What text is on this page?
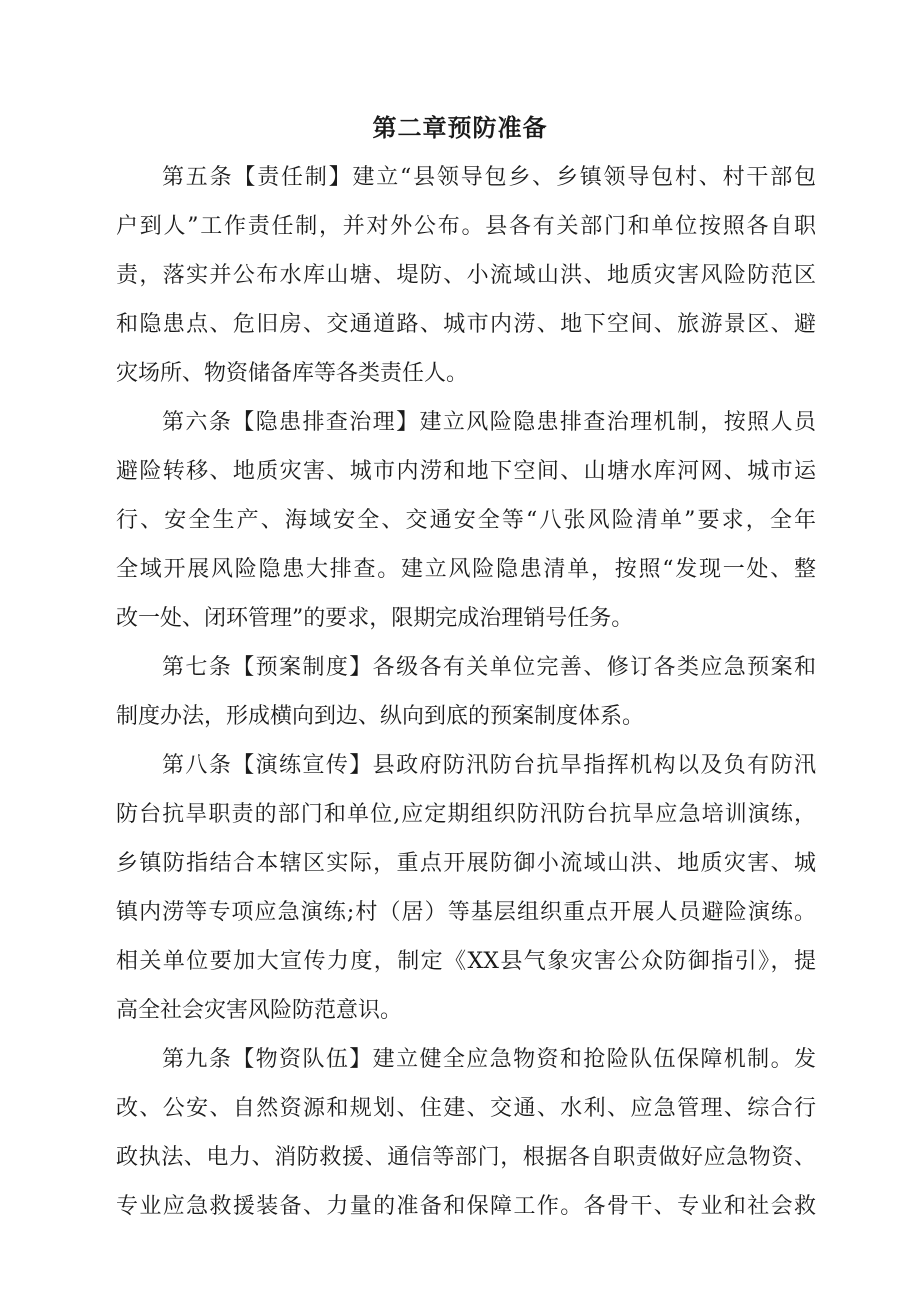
第二章预防准备
第五条【责任制】建立“县领导包乡、乡镇领导包村、村干部包
户到人”工作责任制，并对外公布。县各有关部门和单位按照各自职
责，落实并公布水库山塘、堤防、小流域山洪、地质灾害风险防范区
和隐患点、危旧房、交通道路、城市内涝、地下空间、旅游景区、避
灾场所、物资储备库等各类责任人。
第六条【隐患排查治理】建立风险隐患排查治理机制，按照人员
避险转移、地质灾害、城市内涝和地下空间、山塘水库河网、城市运
行、安全生产、海域安全、交通安全等“八张风险清单”要求，全年
全域开展风险隐患大排查。建立风险隐患清单，按照“发现一处、整
改一处、闭环管理”的要求，限期完成治理销号任务。
第七条【预案制度】各级各有关单位完善、修订各类应急预案和
制度办法，形成横向到边、纵向到底的预案制度体系。
第八条【演练宣传】县政府防汛防台抗旱指挥机构以及负有防汛
防台抗旱职责的部门和单位,应定期组织防汛防台抗旱应急培训演练，
乡镇防指结合本辖区实际，重点开展防御小流域山洪、地质灾害、城
镇内涝等专项应急演练;村（居）等基层组织重点开展人员避险演练。
相关单位要加大宣传力度，制定《XX县气象灾害公众防御指引》，提
高全社会灾害风险防范意识。
第九条【物资队伍】建立健全应急物资和抢险队伍保障机制。发
改、公安、自然资源和规划、住建、交通、水利、应急管理、综合行
政执法、电力、消防救援、通信等部门，根据各自职责做好应急物资、
专业应急救援装备、力量的准备和保障工作。各骨干、专业和社会救
